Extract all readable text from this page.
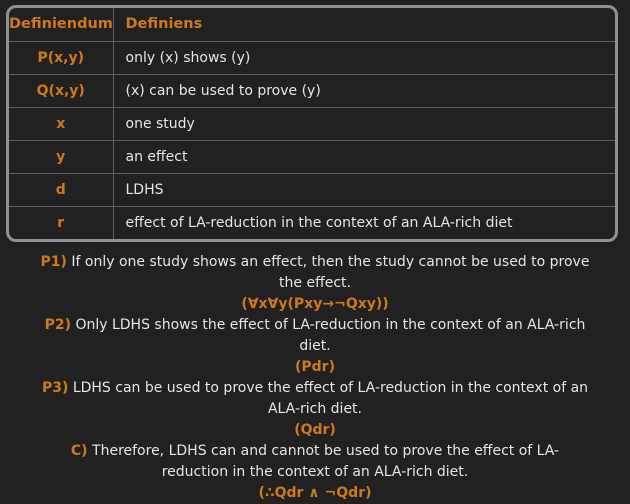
Definiendum	Definiens
P(x,y)	only (x) shows (y)
Q(x,y)	(x) can be used to prove (y)
x	one study
y	an effect
d	LDHS
r	effect of LA-reduction in the context of an ALA-rich diet

P1) If only one study shows an effect, then the study cannot be used to prove the effect.

(∀x∀y(Pxy→¬Qxy))

P2) Only LDHS shows the effect of LA-reduction in the context of an ALA-rich diet.

(Pdr)

P3) LDHS can be used to prove the effect of LA-reduction in the context of an ALA-rich diet.

(Qdr)

C) Therefore, LDHS can and cannot be used to prove the effect of LA-reduction in the context of an ALA-rich diet.

(∴Qdr ∧ ¬Qdr)
